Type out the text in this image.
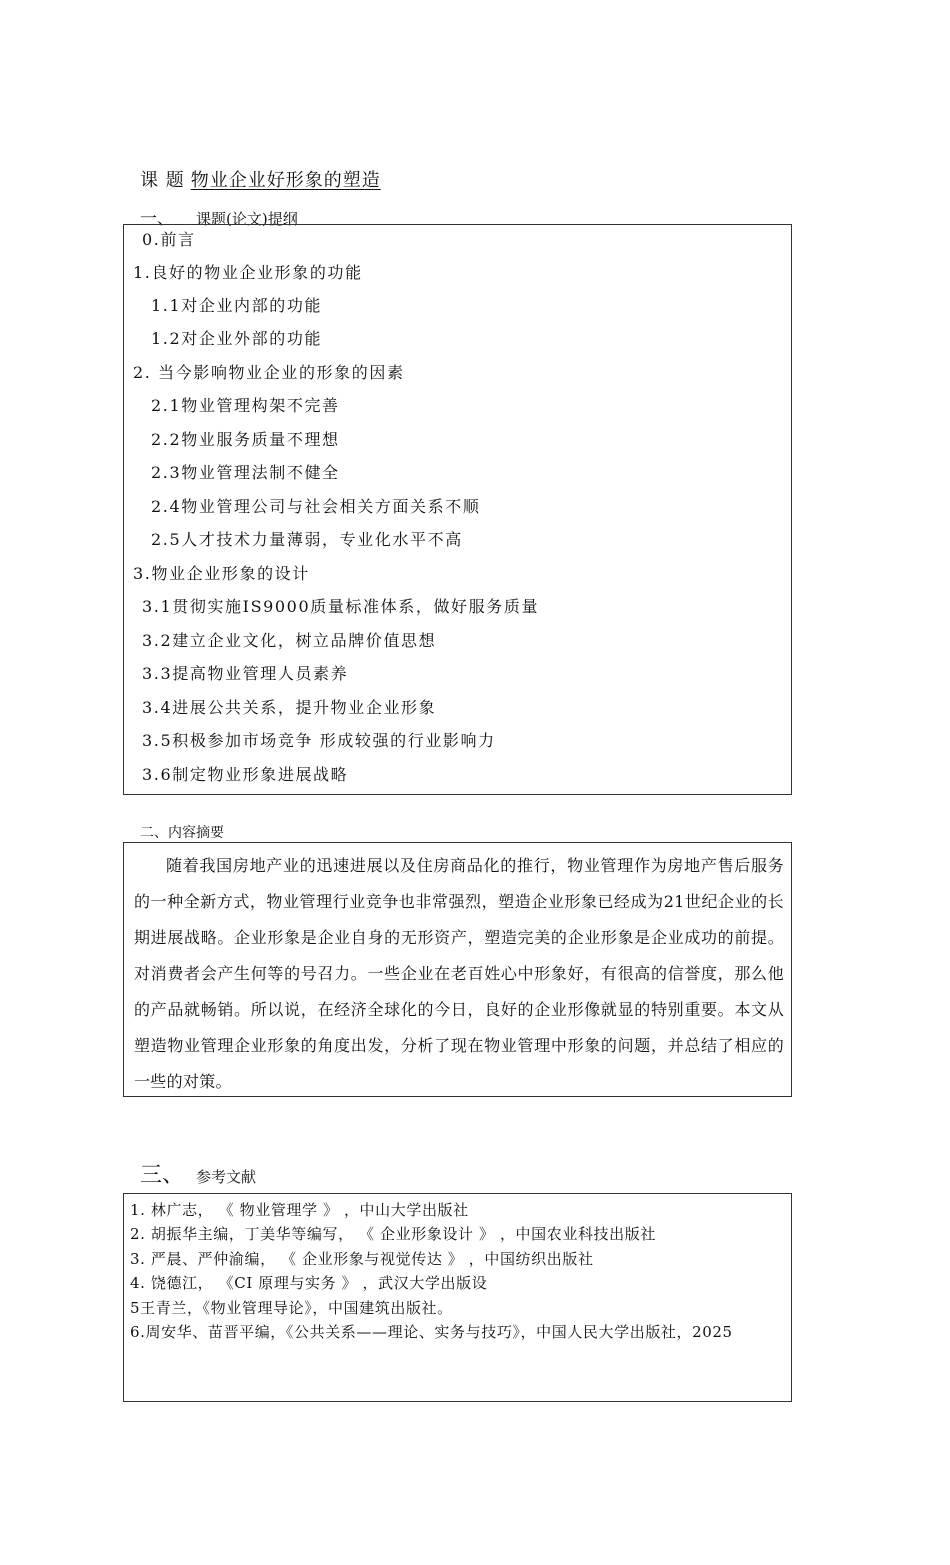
课 题 物业企业好形象的塑造
一、 课题(论文)提纲
0.前言
1.良好的物业企业形象的功能
1.1对企业内部的功能
1.2对企业外部的功能
2. 当今影响物业企业的形象的因素
2.1物业管理构架不完善
2.2物业服务质量不理想
2.3物业管理法制不健全
2.4物业管理公司与社会相关方面关系不顺
2.5人才技术力量薄弱，专业化水平不高
3.物业企业形象的设计
3.1贯彻实施IS9000质量标准体系，做好服务质量
3.2建立企业文化，树立品牌价值思想
3.3提高物业管理人员素养
3.4进展公共关系，提升物业企业形象
3.5积极参加市场竞争 形成较强的行业影响力
3.6制定物业形象进展战略
二、内容摘要
随着我国房地产业的迅速进展以及住房商品化的推行，物业管理作为房地产售后服务的一种全新方式，物业管理行业竞争也非常强烈，塑造企业形象已经成为21世纪企业的长期进展战略。企业形象是企业自身的无形资产，塑造完美的企业形象是企业成功的前提。对消费者会产生何等的号召力。一些企业在老百姓心中形象好，有很高的信誉度，那么他的产品就畅销。所以说，在经济全球化的今日，良好的企业形像就显的特别重要。本文从塑造物业管理企业形象的角度出发，分析了现在物业管理中形象的问题，并总结了相应的一些的对策。
三、 参考文献
1. 林广志， 《 物业管理学 》 ，中山大学出版社
2. 胡振华主编，丁美华等编写， 《 企业形象设计 》 ，中国农业科技出版社
3. 严晨、严仲渝编， 《 企业形象与视觉传达 》 ，中国纺织出版社
4. 饶德江， 《CI 原理与实务 》 ，武汉大学出版设
5王青兰，《物业管理导论》，中国建筑出版社。
6.周安华、苗晋平编，《公共关系——理论、实务与技巧》，中国人民大学出版社，2025
